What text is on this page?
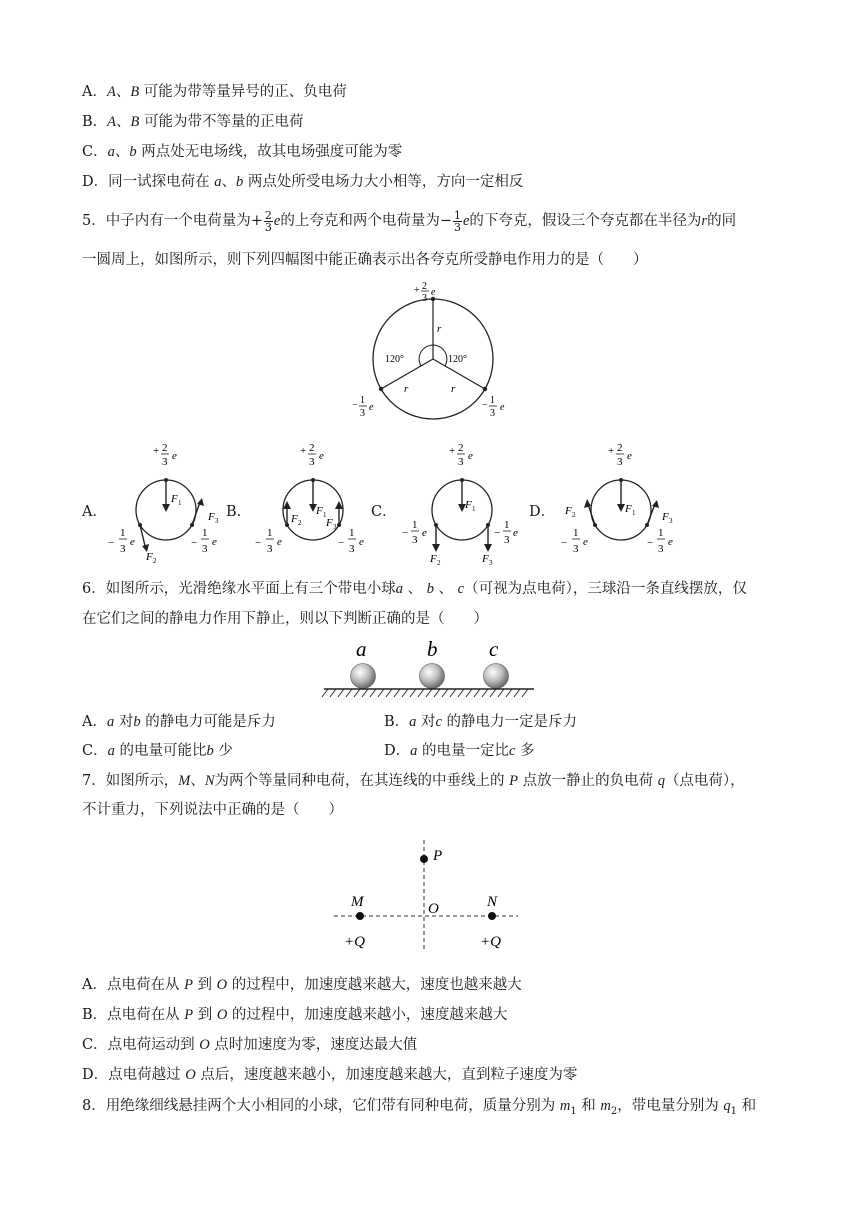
A．A、B 可能为带等量异号的正、负电荷
B．A、B 可能为带不等量的正电荷
C．a、b 两点处无电场线，故其电场强度可能为零
D．同一试探电荷在 a、b 两点处所受电场力大小相等，方向一定相反
5．中子内有一个电荷量为+ $\frac{2}{3}$ e的上夸克和两个电荷量为− $\frac{1}{3}$ e的下夸克，假设三个夸克都在半径为r的同
一圆周上，如图所示，则下列四幅图中能正确表示出各夸克所受静电作用力的是（　　）
+ 2
3
e
r
r	r
120°	120°
− 1
3
e	− 1
3
e
A．	B．	C．	D．
+ 2
3 e
F 1
F 2
F 3
−
1
3
e	−
1
3
e
+ 2
3 e
F 1
F 2 F 3
−
1
3
e	−
1
3
e
+ 2
3 e
F 1
F 2	F 3
−
1
3
e	−
1
3
e
+ 2
3 e
F 1
F 2	F 3
−
1
3
e	−
1
3
e
6．如图所示，光滑绝缘水平面上有三个带电小球a 、 b 、 c（可视为点电荷），三球沿一条直线摆放，仅
在它们之间的静电力作用下静止，则以下判断正确的是（　　）
a	b c
A．a 对b 的静电力可能是斥力	B．a 对c 的静电力一定是斥力
C．a 的电量可能比b 少	D．a 的电量一定比c 多
7．如图所示，M、N为两个等量同种电荷，在其连线的中垂线上的 P 点放一静止的负电荷 q（点电荷），
不计重力，下列说法中正确的是（　　）
P
M	O	N
+Q	+Q
A．点电荷在从 P 到 O 的过程中，加速度越来越大，速度也越来越大
B．点电荷在从 P 到 O 的过程中，加速度越来越小，速度越来越大
C．点电荷运动到 O 点时加速度为零，速度达最大值
D．点电荷越过 O 点后，速度越来越小，加速度越来越大，直到粒子速度为零
8．用绝缘细线悬挂两个大小相同的小球，它们带有同种电荷，质量分别为 $m_1$ 和 $m_2$，带电量分别为 $q_1$ 和
